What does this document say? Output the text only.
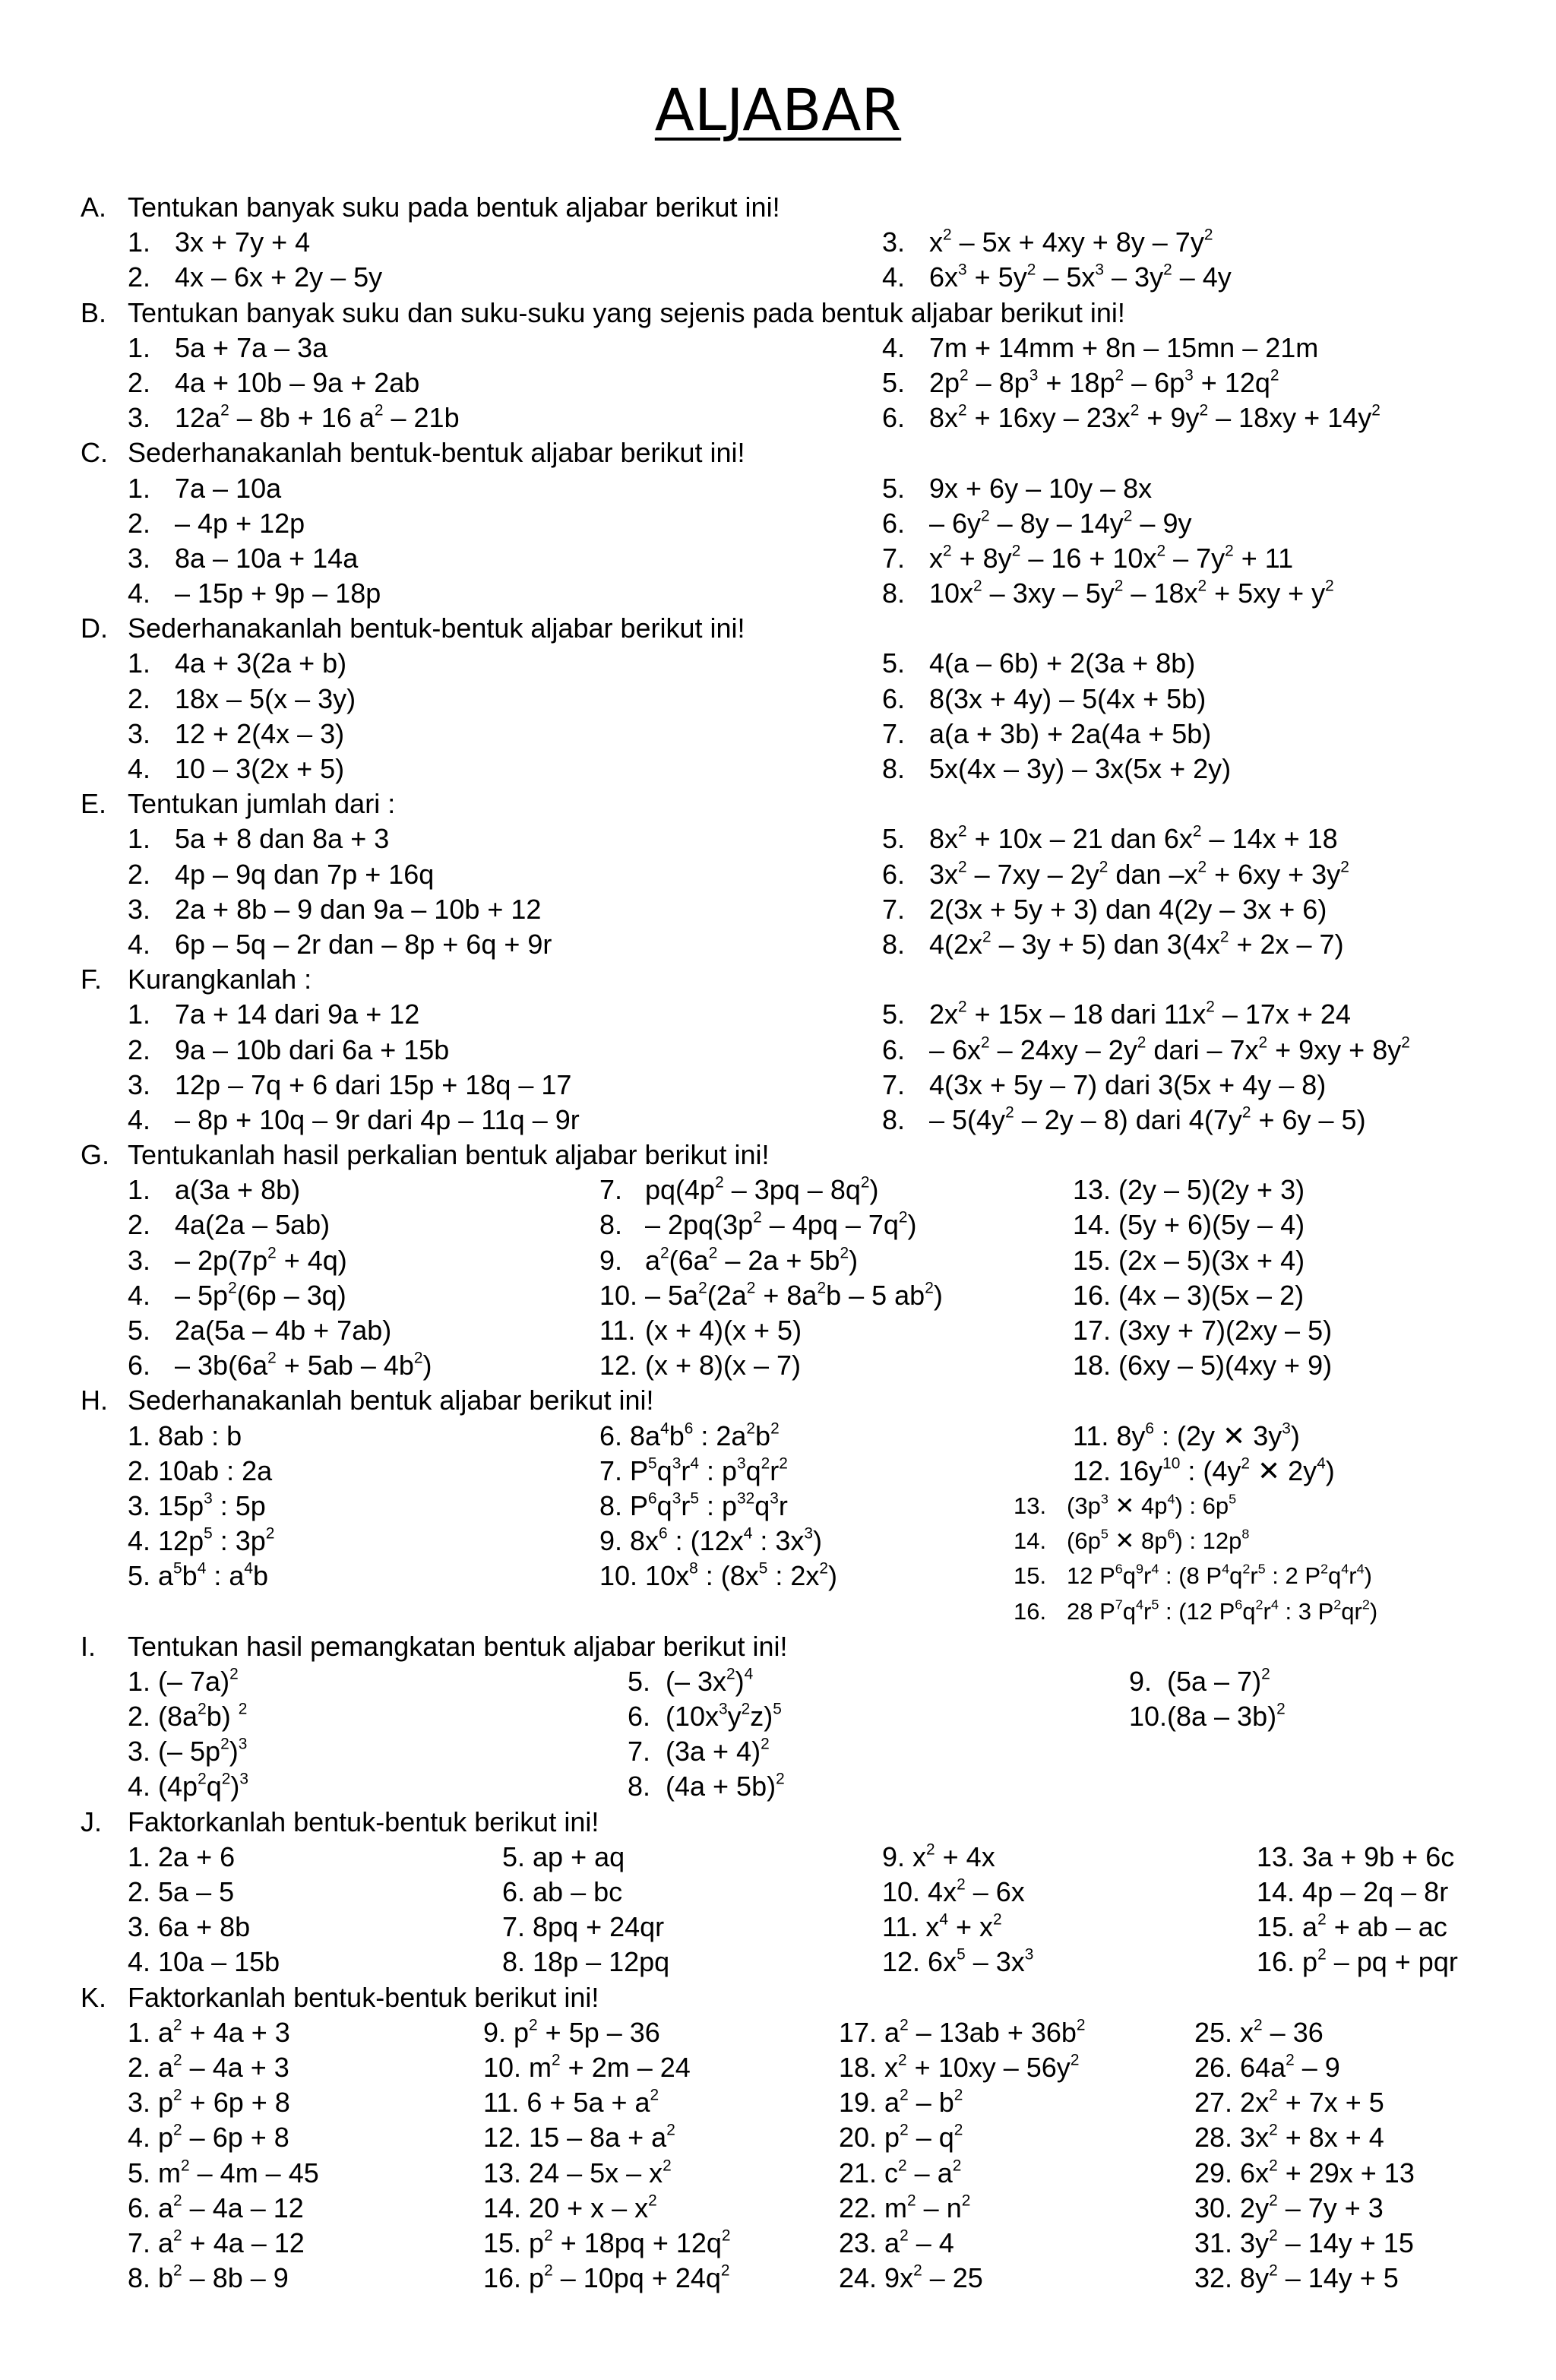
ALJABAR
A. Tentukan banyak suku pada bentuk aljabar berikut ini!
1. 3x + 7y + 4	3. $x^2 - 5x + 4xy + 8y - 7y^2$
2. 4x – 6x + 2y – 5y	4. $6x^3 + 5y^2 - 5x^3 - 3y^2 - 4y$
B. Tentukan banyak suku dan suku-suku yang sejenis pada bentuk aljabar berikut ini!
1. 5a + 7a – 3a	4. 7m + 14mm + 8n – 15mn – 21m
2. 4a + 10b – 9a + 2ab	5. $2p^2 - 8p^3 + 18p^2 - 6p^3 + 12q^2$
3. $12a^2 - 8b + 16$ $a^2 - 21b$	6. $8x^2 + 16xy - 23x^2 + 9y^2 - 18xy + 14y^2$
C. Sederhanakanlah bentuk-bentuk aljabar berikut ini!
1. 7a – 10a	5. 9x + 6y – 10y – 8x
2. – 4p + 12p	6. – $6y^2 - 8y - 14y^2 - 9y$
3. 8a – 10a + 14a	7. $x^2 + 8y^2 - 16 + 10x^2 - 7y^2 + 11$
4. – 15p + 9p – 18p	8. $10x^2 - 3xy - 5y^2 - 18x^2 + 5xy + y^2$
D. Sederhanakanlah bentuk-bentuk aljabar berikut ini!
1. 4a + 3(2a + b)	5. 4(a – 6b) + 2(3a + 8b)
2. 18x – 5(x – 3y)	6. 8(3x + 4y) – 5(4x + 5b)
3. 12 + 2(4x – 3)	7. a(a + 3b) + 2a(4a + 5b)
4. 10 – 3(2x + 5)	8. 5x(4x – 3y) – 3x(5x + 2y)
E. Tentukan jumlah dari :
1. 5a + 8 dan 8a + 3	5. $8x^2 + 10x - 21$ dan $6x^2 - 14x + 18$
2. 4p – 9q dan 7p + 16q	6. $3x^2 - 7xy - 2y^2$ dan $-x^2 + 6xy + 3y^2$
3. 2a + 8b – 9 dan 9a – 10b + 12	7. 2(3x + 5y + 3) dan 4(2y – 3x + 6)
4. 6p – 5q – 2r dan – 8p + 6q + 9r	8. $4(2x^2 - 3y + 5)$ dan $3(4x^2 + 2x - 7)$
F. Kurangkanlah :
1. 7a + 14 dari 9a + 12	5. $2x^2 + 15x - 18$ dari $11x^2 - 17x + 24$
2. 9a – 10b dari 6a + 15b	6. – $6x^2 - 24xy - 2y^2$ dari – $7x^2 + 9xy + 8y^2$
3. 12p – 7q + 6 dari 15p + 18q – 17	7. 4(3x + 5y – 7) dari 3(5x + 4y – 8)
4. – 8p + 10q – 9r dari 4p – 11q – 9r	8. – $5(4y^2 - 2y - 8)$ dari $4(7y^2 + 6y - 5)$
G. Tentukanlah hasil perkalian bentuk aljabar berikut ini!
1. a(3a + 8b)	7. $pq(4p^2 - 3pq - 8q^2)$	13. (2y – 5)(2y + 3)
2. 4a(2a – 5ab)	8. – $2pq(3p^2 - 4pq - 7q^2)$	14. (5y + 6)(5y – 4)
3. – $2p(7p^2 + 4q)$	9. $a^2(6a^2 - 2a + 5b^2)$	15. (2x – 5)(3x + 4)
4. – $5p^2(6p - 3q)$	10. – $5a^2(2a^2 + 8a^2b - 5$ $ab^2$)	16. (4x – 3)(5x – 2)
5. 2a(5a – 4b + 7ab)	11. (x + 4)(x + 5)	17. (3xy + 7)(2xy – 5)
6. – $3b(6a^2 + 5ab - 4b^2)$	12. (x + 8)(x – 7)	18. (6xy – 5)(4xy + 9)
H. Sederhanakanlah bentuk aljabar berikut ini!
1. 8ab : b	6. $8a^4b^6$ : $2a^2b^2$	11. $8y^6$ : (2y ✕ $3y^3$)
2. 10ab : 2a	7. $P^5q^3r^4$ : $p^3q^2r^2$	12. $16y^{10}$ : ($4y^2$ ✕ $2y^4$)
3. $15p^3$ : 5p	8. $P^6q^3r^5$ : $p^{32}q^3r$	13. ($3p^3$ ✕ $4p^4$) : $6p^5$
4. $12p^5$ : $3p^2$	9. $8x^6$ : ($12x^4$ : $3x^3$)	14. ($6p^5$ ✕ $8p^6$) : $12p^8$
5. $a^5b^4$ : $a^4b$	10. $10x^8$ : ($8x^5$ : $2x^2$)	15. 12 $P^6q^9r^4$ : (8 $P^4q^2r^5$ : 2 $P^2q^4r^4$)
16. 28 $P^7q^4r^5$ : (12 $P^6q^2r^4$ : 3 $P^2qr^2$)
I.	Tentukan hasil pemangkatan bentuk aljabar berikut ini!
1. (– 7a)$^2$	5. (– $3x^2)^4$	9. (5a – 7)$^2$
2. $(8a^2b)$ $^2$	6. $(10x^3y^2z)^5$	10.(8a – 3b)$^2$
3. (– $5p^2)^3$	7. $(3a + 4)^2$
4. $(4p^2q^2)^3$	8. $(4a + 5b)^2$
J. Faktorkanlah bentuk-bentuk berikut ini!
1. 2a + 6	5. ap + aq	9. $x^2 + 4x$	13. 3a + 9b + 6c
2. 5a – 5	6. ab – bc	10. $4x^2 - 6x$	14. 4p – 2q – 8r
3. 6a + 8b	7. 8pq + 24qr	11. $x^4 + x^2$	15. $a^2$ + ab – ac
4. 10a – 15b	8. 18p – 12pq	12. $6x^5 - 3x^3$	16. $p^2$ – pq + pqr
K. Faktorkanlah bentuk-bentuk berikut ini!
1. $a^2 + 4a + 3$	9. $p^2 + 5p - 36$	17. $a^2 - 13ab + 36b^2$	25. $x^2 - 36$
2. $a^2 - 4a + 3$	10. $m^2 + 2m - 24$	18. $x^2 + 10xy - 56y^2$	26. $64a^2 - 9$
3. $p^2 + 6p + 8$	11. $6 + 5a + a^2$	19. $a^2 - b^2$	27. $2x^2 + 7x + 5$
4. $p^2 - 6p + 8$	12. $15 - 8a + a^2$	20. $p^2 - q^2$	28. $3x^2 + 8x + 4$
5. $m^2 - 4m - 45$	13. $24 - 5x - x^2$	21. $c^2 - a^2$	29. $6x^2 + 29x + 13$
6. $a^2 - 4a - 12$	14. $20 + x - x^2$	22. $m^2 - n^2$	30. $2y^2 - 7y + 3$
7. $a^2 + 4a - 12$	15. $p^2 + 18pq + 12q^2$	23. $a^2 - 4$	31. $3y^2 - 14y + 15$
8. $b^2 - 8b - 9$	16. $p^2 - 10pq + 24q^2$	24. $9x^2 - 25$	32. $8y^2 - 14y + 5$
